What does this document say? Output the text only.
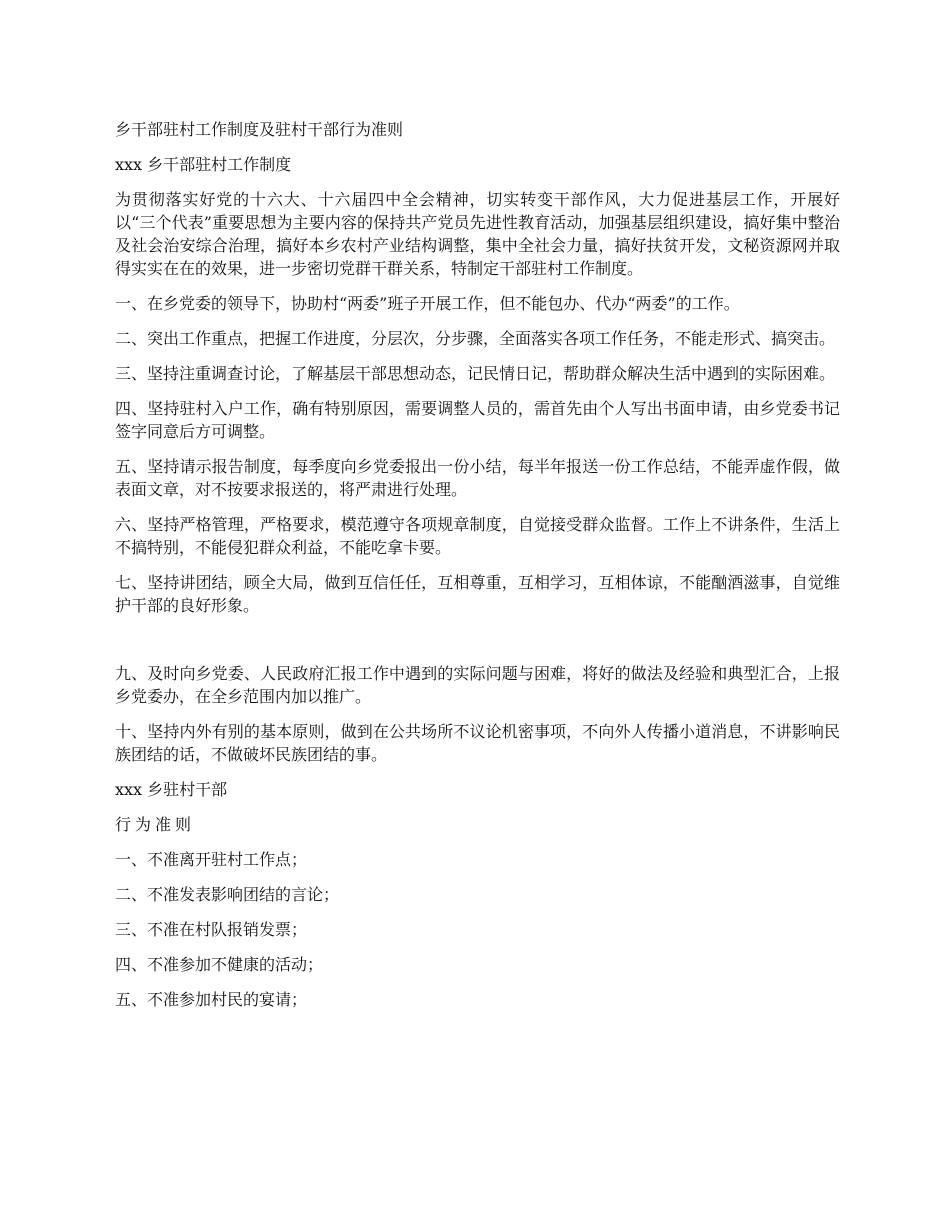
乡干部驻村工作制度及驻村干部行为准则

xxx 乡干部驻村工作制度

为贯彻落实好党的十六大、十六届四中全会精神，切实转变干部作风，大力促进基层工作，开展好以“三个代表”重要思想为主要内容的保持共产党员先进性教育活动，加强基层组织建设，搞好集中整治及社会治安综合治理，搞好本乡农村产业结构调整，集中全社会力量，搞好扶贫开发，文秘资源网并取得实实在在的效果，进一步密切党群干群关系，特制定干部驻村工作制度。

一、在乡党委的领导下，协助村“两委”班子开展工作，但不能包办、代办“两委”的工作。

二、突出工作重点，把握工作进度，分层次，分步骤，全面落实各项工作任务，不能走形式、搞突击。

三、坚持注重调查讨论，了解基层干部思想动态，记民情日记，帮助群众解决生活中遇到的实际困难。

四、坚持驻村入户工作，确有特别原因，需要调整人员的，需首先由个人写出书面申请，由乡党委书记签字同意后方可调整。

五、坚持请示报告制度，每季度向乡党委报出一份小结，每半年报送一份工作总结，不能弄虚作假，做表面文章，对不按要求报送的，将严肃进行处理。

六、坚持严格管理，严格要求，模范遵守各项规章制度，自觉接受群众监督。工作上不讲条件，生活上不搞特别，不能侵犯群众利益，不能吃拿卡要。

七、坚持讲团结，顾全大局，做到互信任任，互相尊重，互相学习，互相体谅，不能酗酒滋事，自觉维护干部的良好形象。

九、及时向乡党委、人民政府汇报工作中遇到的实际问题与困难，将好的做法及经验和典型汇合，上报乡党委办，在全乡范围内加以推广。

十、坚持内外有别的基本原则，做到在公共场所不议论机密事项，不向外人传播小道消息，不讲影响民族团结的话，不做破坏民族团结的事。

xxx 乡驻村干部

行为准则

一、不准离开驻村工作点；

二、不准发表影响团结的言论；

三、不准在村队报销发票；

四、不准参加不健康的活动；

五、不准参加村民的宴请；
